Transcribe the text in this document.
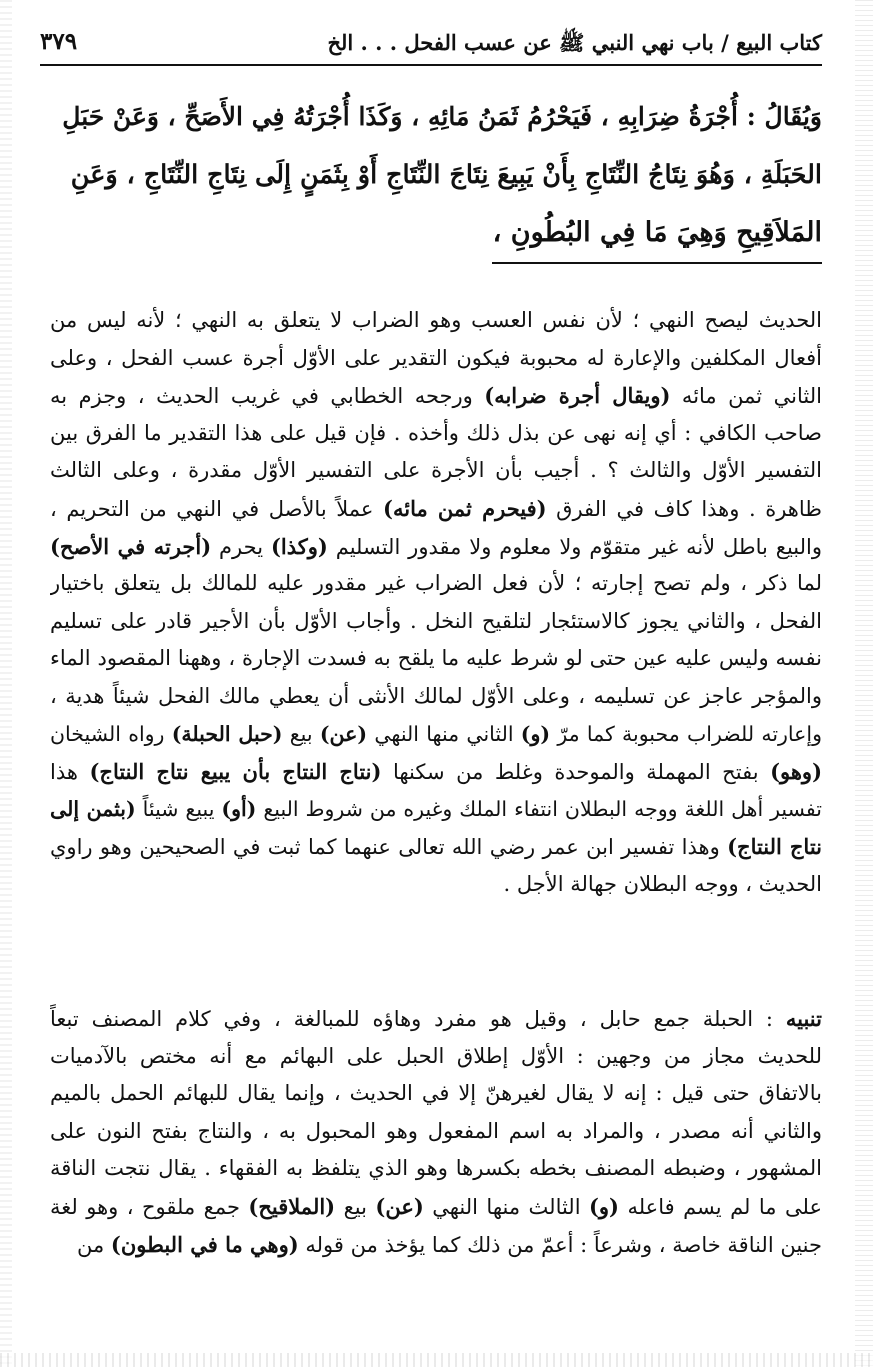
كتاب البيع / باب نهي النبي ﷺ عن عسب الفحل . . . الخ
٣٧٩
وَيُقَالُ : أُجْرَةُ ضِرَابِهِ ، فَيَحْرُمُ ثَمَنُ مَائِهِ ، وَكَذَا أُجْرَتُهُ فِي الأَصَحِّ ، وَعَنْ حَبَلِ
الحَبَلَةِ ، وَهُوَ نِتَاجُ النِّتَاجِ بِأَنْ يَبِيعَ نِتَاجَ النِّتَاجِ أَوْ بِثَمَنٍ إِلَى نِتَاجِ النِّتَاجِ ، وَعَنِ
المَلاَقِيحِ وَهِيَ مَا فِي البُطُونِ ،
الحديث ليصح النهي ؛ لأن نفس العسب وهو الضراب لا يتعلق به النهي ؛ لأنه ليس من
أفعال المكلفين والإعارة له محبوبة فيكون التقدير على الأوّل أجرة عسب الفحل ، وعلى
الثاني ثمن مائه (ويقال أجرة ضرابه) ورجحه الخطابي في غريب الحديث ، وجزم به
صاحب الكافي : أي إنه نهى عن بذل ذلك وأخذه . فإن قيل على هذا التقدير ما الفرق بين
التفسير الأوّل والثالث ؟ . أجيب بأن الأجرة على التفسير الأوّل مقدرة ، وعلى الثالث
ظاهرة . وهذا كاف في الفرق (فيحرم ثمن مائه) عملاً بالأصل في النهي من التحريم ،
والبيع باطل لأنه غير متقوّم ولا معلوم ولا مقدور التسليم (وكذا) يحرم (أجرته في الأصح)
لما ذكر ، ولم تصح إجارته ؛ لأن فعل الضراب غير مقدور عليه للمالك بل يتعلق باختيار
الفحل ، والثاني يجوز كالاستئجار لتلقيح النخل . وأجاب الأوّل بأن الأجير قادر على تسليم
نفسه وليس عليه عين حتى لو شرط عليه ما يلقح به فسدت الإجارة ، وههنا المقصود الماء
والمؤجر عاجز عن تسليمه ، وعلى الأوّل لمالك الأنثى أن يعطي مالك الفحل شيئاً هدية ،
وإعارته للضراب محبوبة كما مرّ (و) الثاني منها النهي (عن) بيع (حبل الحبلة) رواه الشيخان
(وهو) بفتح المهملة والموحدة وغلط من سكنها (نتاج النتاج بأن يبيع نتاج النتاج) هذا
تفسير أهل اللغة ووجه البطلان انتفاء الملك وغيره من شروط البيع (أو) يبيع شيئاً (بثمن إلى
نتاج النتاج) وهذا تفسير ابن عمر رضي الله تعالى عنهما كما ثبت في الصحيحين وهو راوي
الحديث ، ووجه البطلان جهالة الأجل .
تنبيه : الحبلة جمع حابل ، وقيل هو مفرد وهاؤه للمبالغة ، وفي كلام المصنف تبعاً
للحديث مجاز من وجهين : الأوّل إطلاق الحبل على البهائم مع أنه مختص بالآدميات
بالاتفاق حتى قيل : إنه لا يقال لغيرهنّ إلا في الحديث ، وإنما يقال للبهائم الحمل بالميم
والثاني أنه مصدر ، والمراد به اسم المفعول وهو المحبول به ، والنتاج بفتح النون على
المشهور ، وضبطه المصنف بخطه بكسرها وهو الذي يتلفظ به الفقهاء . يقال نتجت الناقة
على ما لم يسم فاعله (و) الثالث منها النهي (عن) بيع (الملاقيح) جمع ملقوح ، وهو لغة
جنين الناقة خاصة ، وشرعاً : أعمّ من ذلك كما يؤخذ من قوله (وهي ما في البطون) من
